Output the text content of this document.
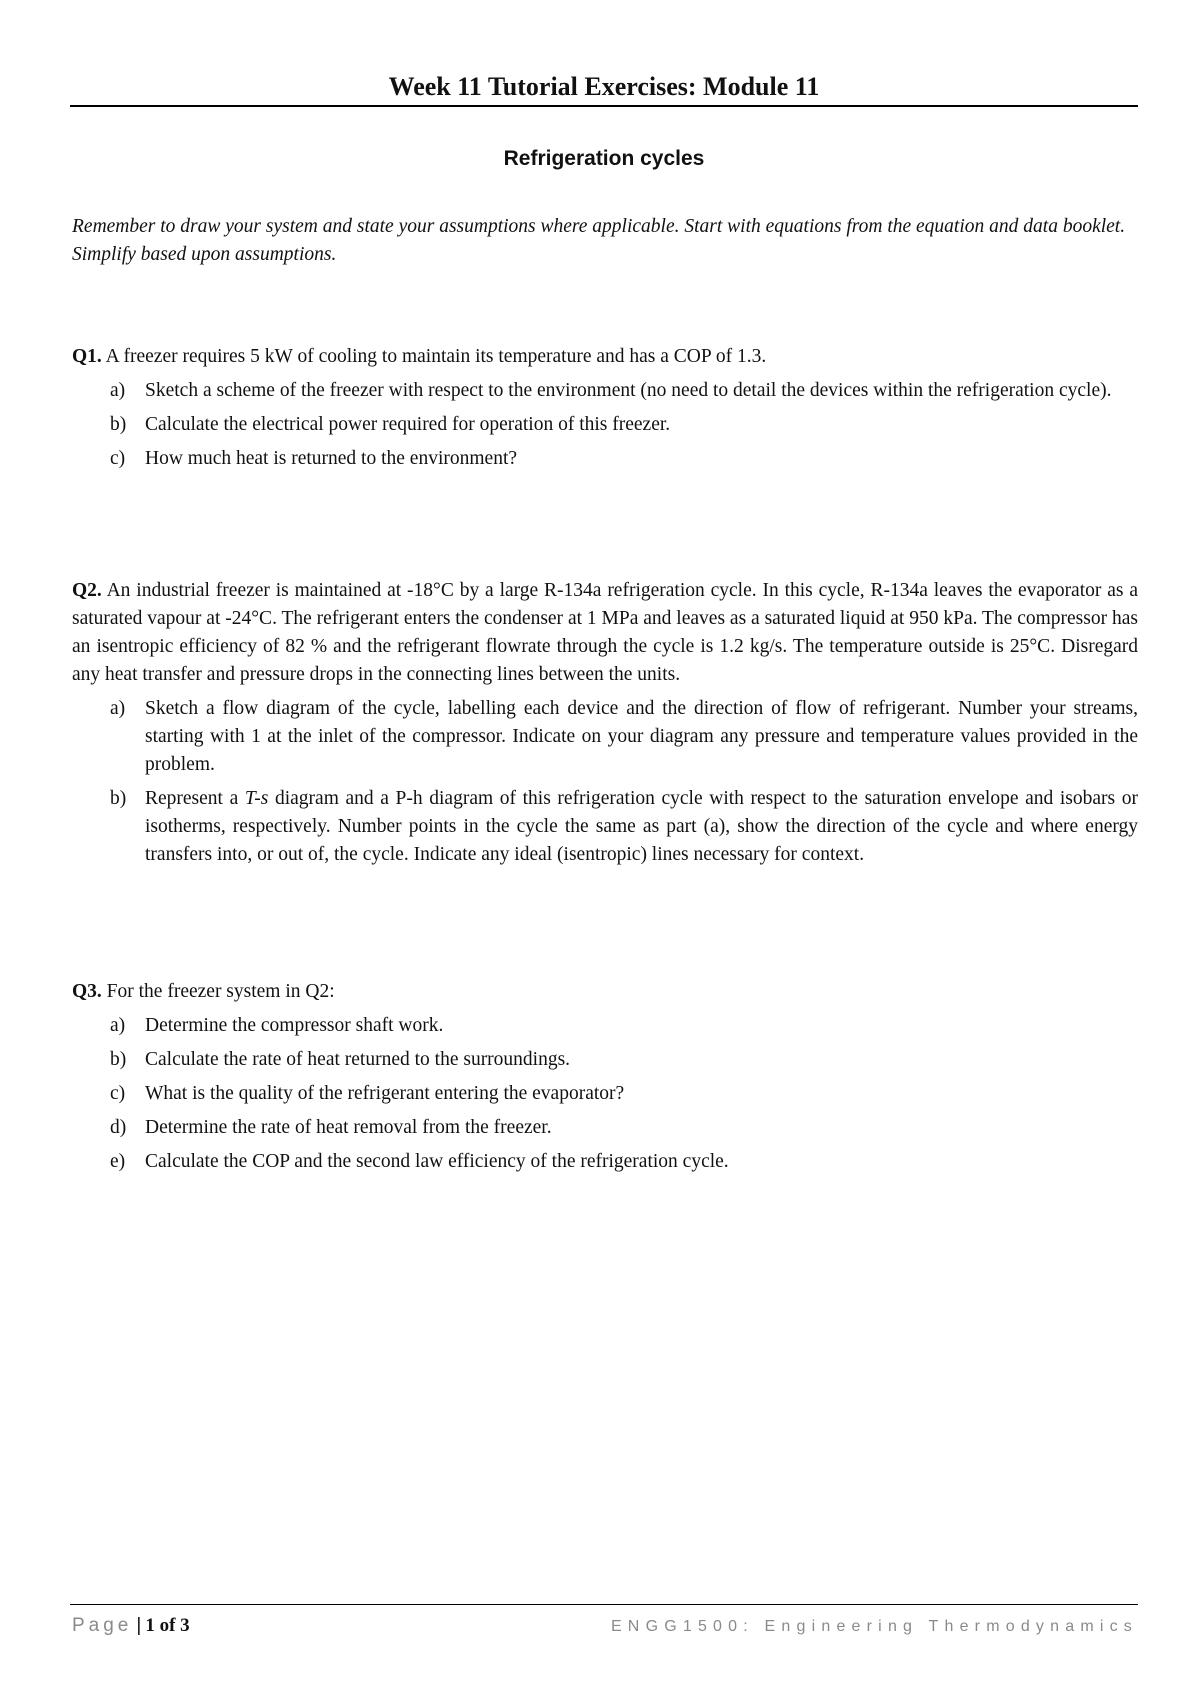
Week 11 Tutorial Exercises: Module 11
Refrigeration cycles

Remember to draw your system and state your assumptions where applicable. Start with equations from the equation and data booklet. Simplify based upon assumptions.

Q1. A freezer requires 5 kW of cooling to maintain its temperature and has a COP of 1.3.

a) Sketch a scheme of the freezer with respect to the environment (no need to detail the devices within the refrigeration cycle).
b) Calculate the electrical power required for operation of this freezer.
c) How much heat is returned to the environment?

Q2. An industrial freezer is maintained at -18°C by a large R-134a refrigeration cycle. In this cycle, R-134a leaves the evaporator as a saturated vapour at -24°C. The refrigerant enters the condenser at 1 MPa and leaves as a saturated liquid at 950 kPa. The compressor has an isentropic efficiency of 82 % and the refrigerant flowrate through the cycle is 1.2 kg/s. The temperature outside is 25°C. Disregard any heat transfer and pressure drops in the connecting lines between the units.

a) Sketch a flow diagram of the cycle, labelling each device and the direction of flow of refrigerant. Number your streams, starting with 1 at the inlet of the compressor. Indicate on your diagram any pressure and temperature values provided in the problem.
b) Represent a T-s diagram and a P-h diagram of this refrigeration cycle with respect to the saturation envelope and isobars or isotherms, respectively. Number points in the cycle the same as part (a), show the direction of the cycle and where energy transfers into, or out of, the cycle. Indicate any ideal (isentropic) lines necessary for context.

Q3. For the freezer system in Q2:

a) Determine the compressor shaft work.
b) Calculate the rate of heat returned to the surroundings.
c) What is the quality of the refrigerant entering the evaporator?
d) Determine the rate of heat removal from the freezer.
e) Calculate the COP and the second law efficiency of the refrigeration cycle.
Page | 1 of 3	ENGG1500: Engineering Thermodynamics
